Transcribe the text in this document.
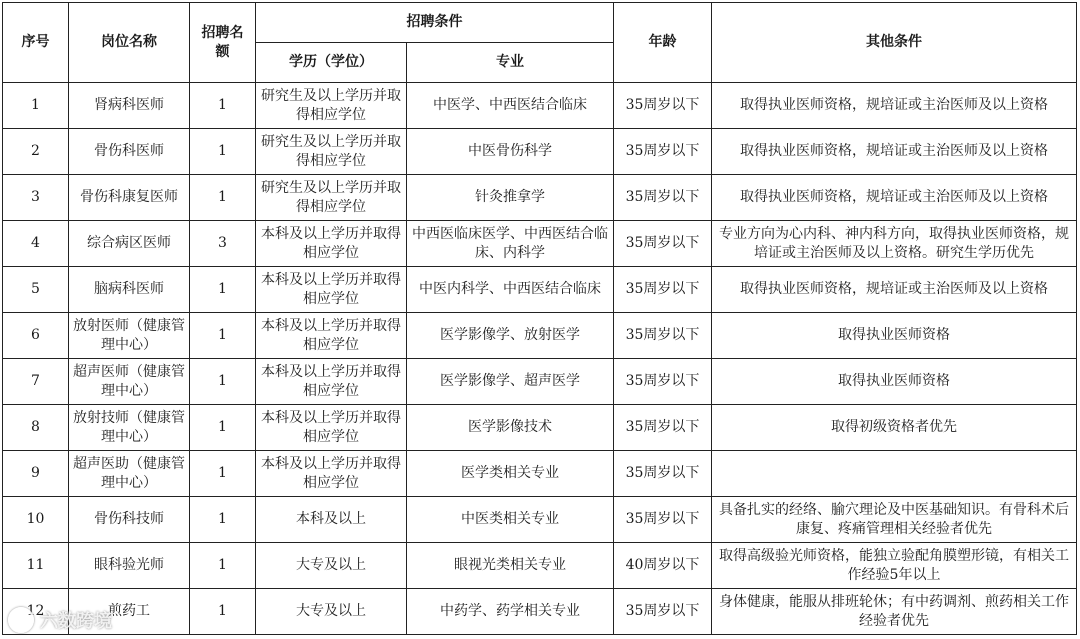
序号	岗位名称	招聘名额	招聘条件		年龄	其他条件
			学历（学位）	专业		
1	肾病科医师	1	研究生及以上学历并取得相应学位	中医学、中西医结合临床	35周岁以下	取得执业医师资格，规培证或主治医师及以上资格
2	骨伤科医师	1	研究生及以上学历并取得相应学位	中医骨伤科学	35周岁以下	取得执业医师资格，规培证或主治医师及以上资格
3	骨伤科康复医师	1	研究生及以上学历并取得相应学位	针灸推拿学	35周岁以下	取得执业医师资格，规培证或主治医师及以上资格
4	综合病区医师	3	本科及以上学历并取得相应学位	中西医临床医学、中西医结合临床、内科学	35周岁以下	专业方向为心内科、神内科方向，取得执业医师资格，规培证或主治医师及以上资格。研究生学历优先
5	脑病科医师	1	本科及以上学历并取得相应学位	中医内科学、中西医结合临床	35周岁以下	取得执业医师资格，规培证或主治医师及以上资格
6	放射医师（健康管理中心）	1	本科及以上学历并取得相应学位	医学影像学、放射医学	35周岁以下	取得执业医师资格
7	超声医师（健康管理中心）	1	本科及以上学历并取得相应学位	医学影像学、超声医学	35周岁以下	取得执业医师资格
8	放射技师（健康管理中心）	1	本科及以上学历并取得相应学位	医学影像技术	35周岁以下	取得初级资格者优先
9	超声医助（健康管理中心）	1	本科及以上学历并取得相应学位	医学类相关专业	35周岁以下	
10	骨伤科技师	1	本科及以上	中医类相关专业	35周岁以下	具备扎实的经络、腧穴理论及中医基础知识。有骨科术后康复、疼痛管理相关经验者优先
11	眼科验光师	1	大专及以上	眼视光类相关专业	40周岁以下	取得高级验光师资格，能独立验配角膜塑形镜，有相关工作经验5年以上
12	煎药工	1	大专及以上	中药学、药学相关专业	35周岁以下	身体健康，能服从排班轮休；有中药调剂、煎药相关工作经验者优先
六数跨境
